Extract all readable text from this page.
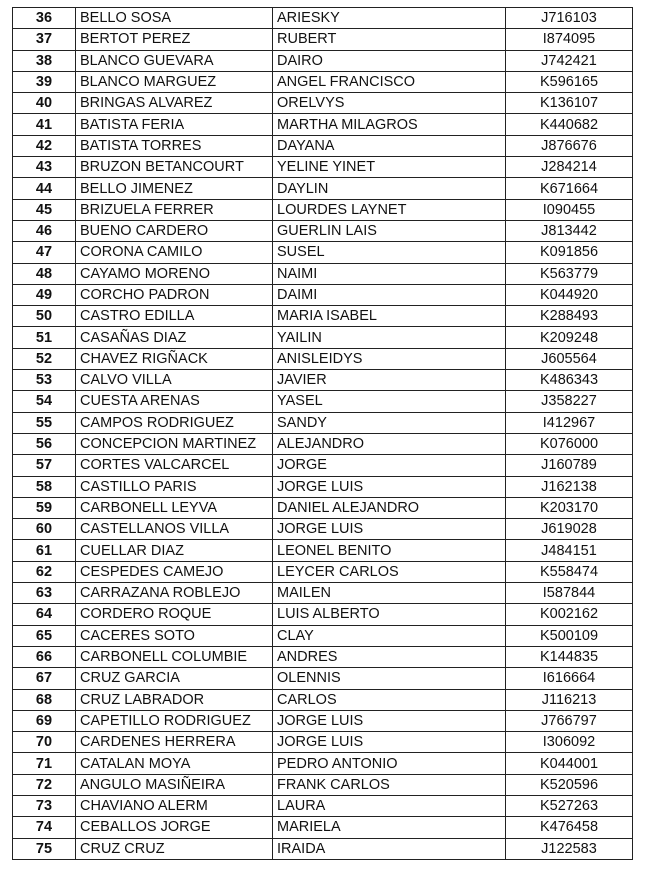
36	BELLO SOSA	ARIESKY	J716103
37	BERTOT PEREZ	RUBERT	I874095
38	BLANCO GUEVARA	DAIRO	J742421
39	BLANCO MARGUEZ	ANGEL FRANCISCO	K596165
40	BRINGAS ALVAREZ	ORELVYS	K136107
41	BATISTA FERIA	MARTHA MILAGROS	K440682
42	BATISTA TORRES	DAYANA	J876676
43	BRUZON BETANCOURT	YELINE YINET	J284214
44	BELLO JIMENEZ	DAYLIN	K671664
45	BRIZUELA FERRER	LOURDES LAYNET	I090455
46	BUENO CARDERO	GUERLIN LAIS	J813442
47	CORONA CAMILO	SUSEL	K091856
48	CAYAMO MORENO	NAIMI	K563779
49	CORCHO PADRON	DAIMI	K044920
50	CASTRO EDILLA	MARIA ISABEL	K288493
51	CASAÑAS DIAZ	YAILIN	K209248
52	CHAVEZ RIGÑACK	ANISLEIDYS	J605564
53	CALVO VILLA	JAVIER	K486343
54	CUESTA ARENAS	YASEL	J358227
55	CAMPOS RODRIGUEZ	SANDY	I412967
56	CONCEPCION MARTINEZ	ALEJANDRO	K076000
57	CORTES VALCARCEL	JORGE	J160789
58	CASTILLO PARIS	JORGE LUIS	J162138
59	CARBONELL LEYVA	DANIEL ALEJANDRO	K203170
60	CASTELLANOS VILLA	JORGE LUIS	J619028
61	CUELLAR DIAZ	LEONEL BENITO	J484151
62	CESPEDES CAMEJO	LEYCER CARLOS	K558474
63	CARRAZANA ROBLEJO	MAILEN	I587844
64	CORDERO ROQUE	LUIS ALBERTO	K002162
65	CACERES SOTO	CLAY	K500109
66	CARBONELL COLUMBIE	ANDRES	K144835
67	CRUZ GARCIA	OLENNIS	I616664
68	CRUZ LABRADOR	CARLOS	J116213
69	CAPETILLO RODRIGUEZ	JORGE LUIS	J766797
70	CARDENES HERRERA	JORGE LUIS	I306092
71	CATALAN MOYA	PEDRO ANTONIO	K044001
72	ANGULO MASIÑEIRA	FRANK CARLOS	K520596
73	CHAVIANO ALERM	LAURA	K527263
74	CEBALLOS JORGE	MARIELA	K476458
75	CRUZ CRUZ	IRAIDA	J122583
